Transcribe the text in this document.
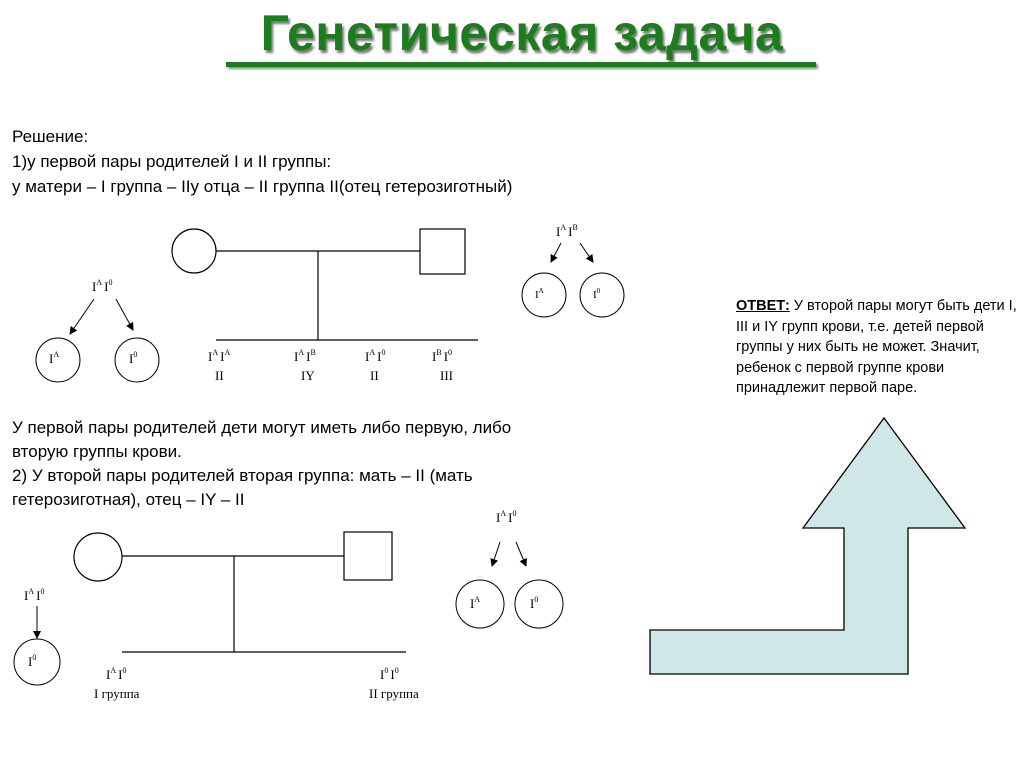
Генетическая задача
Решение:
1)у первой пары родителей I и II группы:
у матери – I группа – IIу отца – II группа II(отец гетерозиготный)
У первой пары родителей дети могут иметь либо первую, либо
вторую группы крови.
2) У второй пары родителей вторая группа: мать – II (мать
гетерозиготная), отец – IY – II
ОТВЕТ: У второй пары могут быть дети I, III и IY групп крови, т.е. детей первой группы у них быть не может. Значит, ребенок с первой группе крови принадлежит первой паре.
$I^A$ $I^A$
II
$I^A$ $I^B$
IY
$I^A$ $I^0$
II
$I^B$ $I^0$
III
$I^A$ $I^0$
$I^A$	$I^0$
$I^A$ $I^B$
$I^A$	$I^0$
$I^A$ $I^0$
I группа
$I^0$ $I^0$
II группа
$I^A$ $I^0$
$I^0$
$I^A$ $I^0$
$I^A$	$I^0$
